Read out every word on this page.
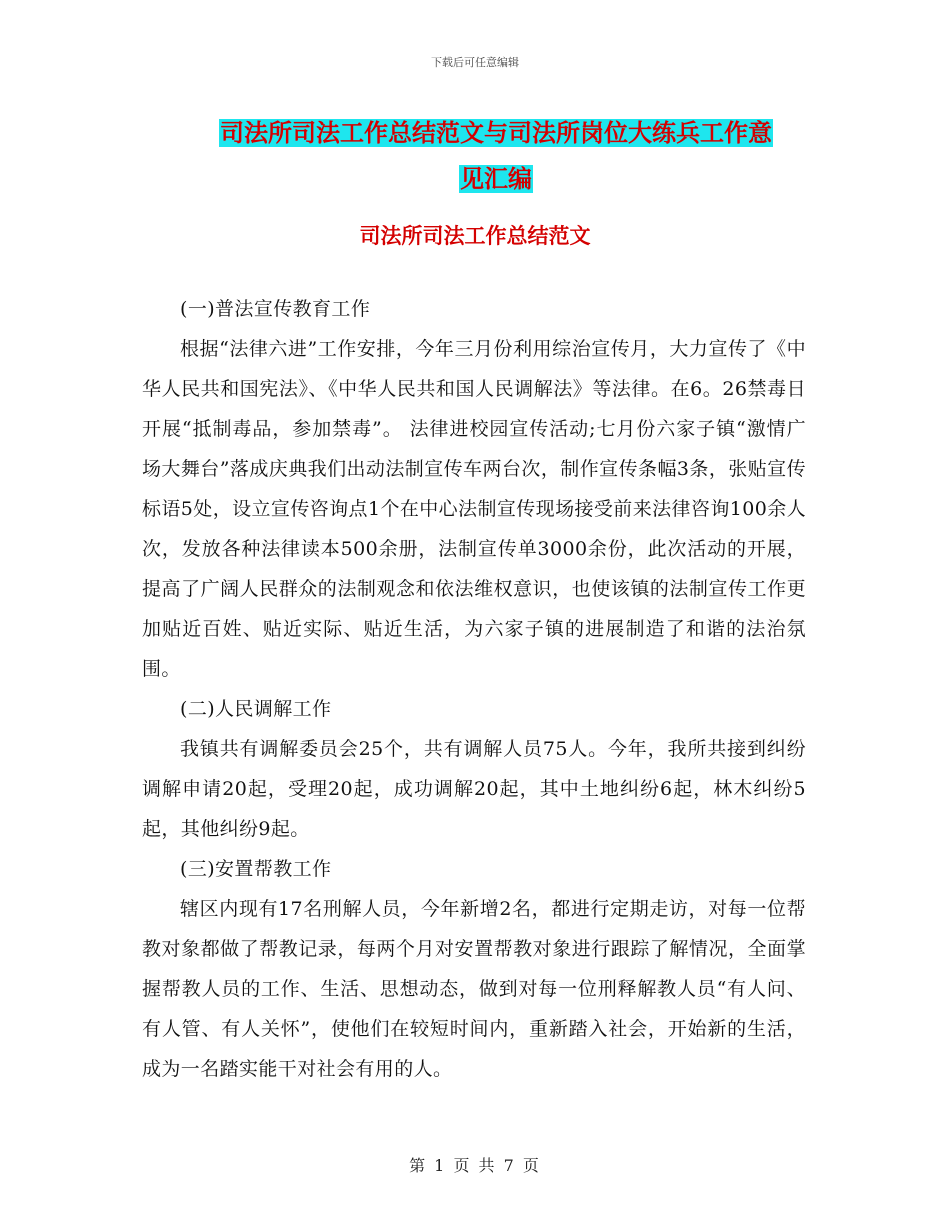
下载后可任意编辑
司法所司法工作总结范文与司法所岗位大练兵工作意
见汇编
司法所司法工作总结范文

(一)普法宣传教育工作

根据“法律六进”工作安排，今年三月份利用综治宣传月，大力宣传了《中华人民共和国宪法》、《中华人民共和国人民调解法》等法律。在6。26禁毒日开展“抵制毒品，参加禁毒”。 法律进校园宣传活动;七月份六家子镇“激情广场大舞台”落成庆典我们出动法制宣传车两台次，制作宣传条幅3条，张贴宣传标语5处，设立宣传咨询点1个在中心法制宣传现场接受前来法律咨询100余人次，发放各种法律读本500余册，法制宣传单3000余份，此次活动的开展，提高了广阔人民群众的法制观念和依法维权意识，也使该镇的法制宣传工作更加贴近百姓、贴近实际、贴近生活，为六家子镇的进展制造了和谐的法治氛围。

(二)人民调解工作

我镇共有调解委员会25个，共有调解人员75人。今年，我所共接到纠纷调解申请20起，受理20起，成功调解20起，其中土地纠纷6起，林木纠纷5起，其他纠纷9起。

(三)安置帮教工作

辖区内现有17名刑解人员，今年新增2名，都进行定期走访，对每一位帮教对象都做了帮教记录，每两个月对安置帮教对象进行跟踪了解情况，全面掌握帮教人员的工作、生活、思想动态，做到对每一位刑释解教人员“有人问、有人管、有人关怀”，使他们在较短时间内，重新踏入社会，开始新的生活，成为一名踏实能干对社会有用的人。

第 1 页 共 7 页
